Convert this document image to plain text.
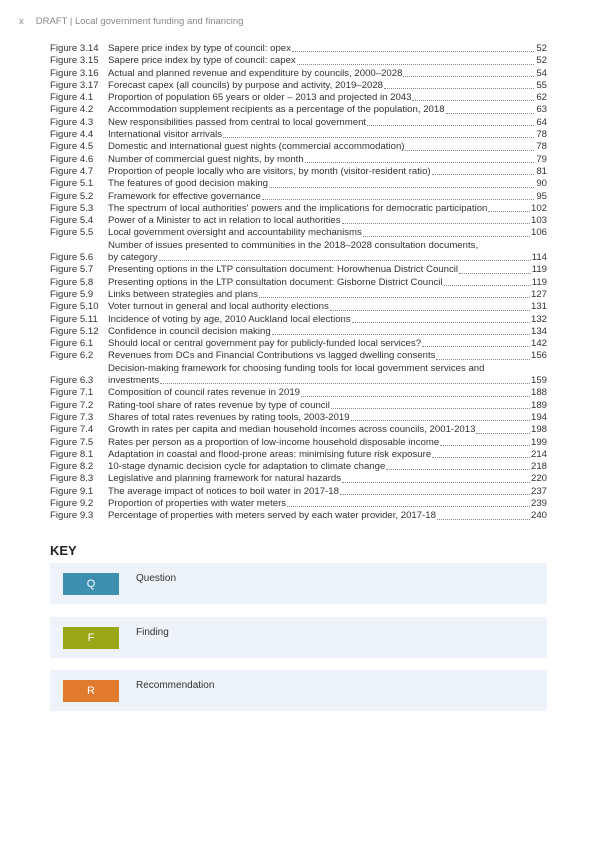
x DRAFT | Local government funding and financing
Figure 3.14 Sapere price index by type of council: opex	52
Figure 3.15 Sapere price index by type of council: capex	52
Figure 3.16 Actual and planned revenue and expenditure by councils, 2000–2028	54
Figure 3.17 Forecast capex (all councils) by purpose and activity, 2019–2028	55
Figure 4.1	Proportion of population 65 years or older – 2013 and projected in 2043	62
Figure 4.2	Accommodation supplement recipients as a percentage of the population, 2018	63
Figure 4.3	New responsibilities passed from central to local government	64
Figure 4.4	International visitor arrivals	78
Figure 4.5	Domestic and international guest nights (commercial accommodation)	78
Figure 4.6	Number of commercial guest nights, by month	79
Figure 4.7	Proportion of people locally who are visitors, by month (visitor-resident ratio)	81
Figure 5.1	The features of good decision making	90
Figure 5.2	Framework for effective governance	95
Figure 5.3	The spectrum of local authorities' powers and the implications for democratic participation	102
Figure 5.4	Power of a Minister to act in relation to local authorities	103
Figure 5.5	Local government oversight and accountability mechanisms	106
Figure 5.6
Number of issues presented to communities in the 2018–2028 consultation documents,
by category	114
Figure 5.7	Presenting options in the LTP consultation document: Horowhenua District Council	119
Figure 5.8	Presenting options in the LTP consultation document: Gisborne District Council	119
Figure 5.9	Links between strategies and plans	127
Figure 5.10 Voter turnout in general and local authority elections	131
Figure 5.11	Incidence of voting by age, 2010 Auckland local elections	132
Figure 5.12 Confidence in council decision making	134
Figure 6.1	Should local or central government pay for publicly-funded local services?	142
Figure 6.2	Revenues from DCs and Financial Contributions vs lagged dwelling consents	156
Figure 6.3
Decision-making framework for choosing funding tools for local government services and
investments	159
Figure 7.1	Composition of council rates revenue in 2019	188
Figure 7.2	Rating-tool share of rates revenue by type of council	189
Figure 7.3	Shares of total rates revenues by rating tools, 2003-2019	194
Figure 7.4	Growth in rates per capita and median household incomes across councils, 2001-2013	198
Figure 7.5	Rates per person as a proportion of low-income household disposable income	199
Figure 8.1	Adaptation in coastal and flood-prone areas: minimising future risk exposure	214
Figure 8.2	10-stage dynamic decision cycle for adaptation to climate change	218
Figure 8.3	Legislative and planning framework for natural hazards	220
Figure 9.1	The average impact of notices to boil water in 2017-18	237
Figure 9.2	Proportion of properties with water meters	239
Figure 9.3	Percentage of properties with meters served by each water provider, 2017-18	240
KEY
Q	Question
F	Finding
R	Recommendation
